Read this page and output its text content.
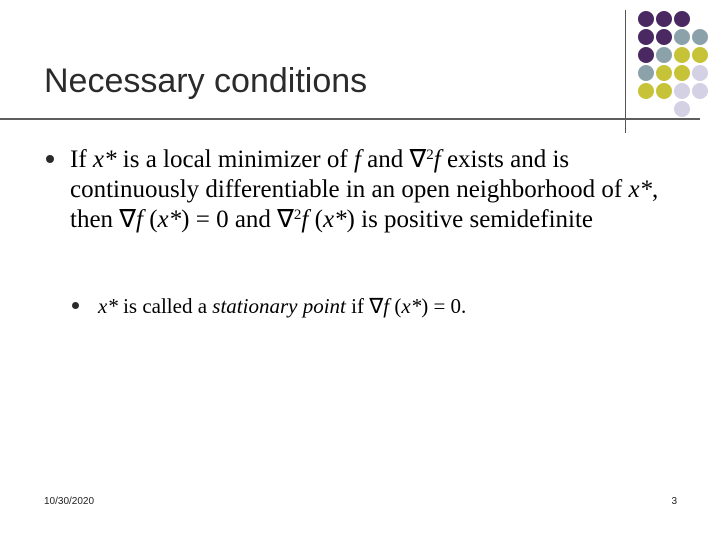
Necessary conditions
If x* is a local minimizer of f and ∇$^2$f exists and is continuously differentiable in an open neighborhood of x*, then ∇f (x*) = 0 and ∇$^2$f (x*) is positive semidefinite
x* is called a stationary point if ∇f (x*) = 0.
10/30/2020	3
